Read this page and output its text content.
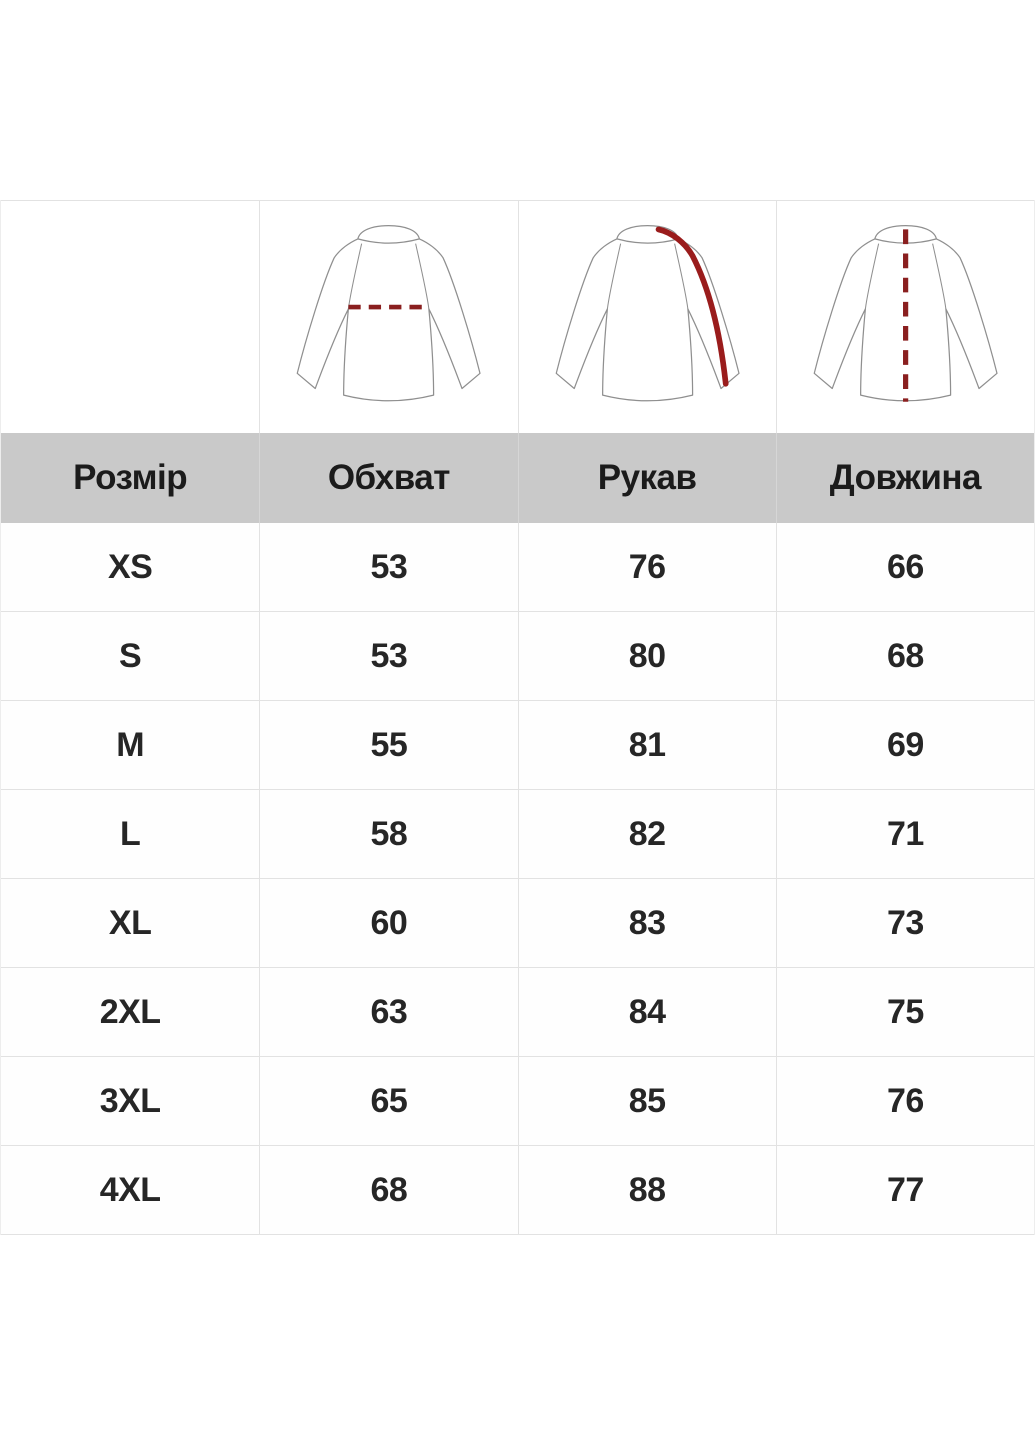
Розмір	Обхват	Рукав	Довжина
XS	53	76	66
S	53	80	68
M	55	81	69
L	58	82	71
XL	60	83	73
2XL	63	84	75
3XL	65	85	76
4XL	68	88	77
